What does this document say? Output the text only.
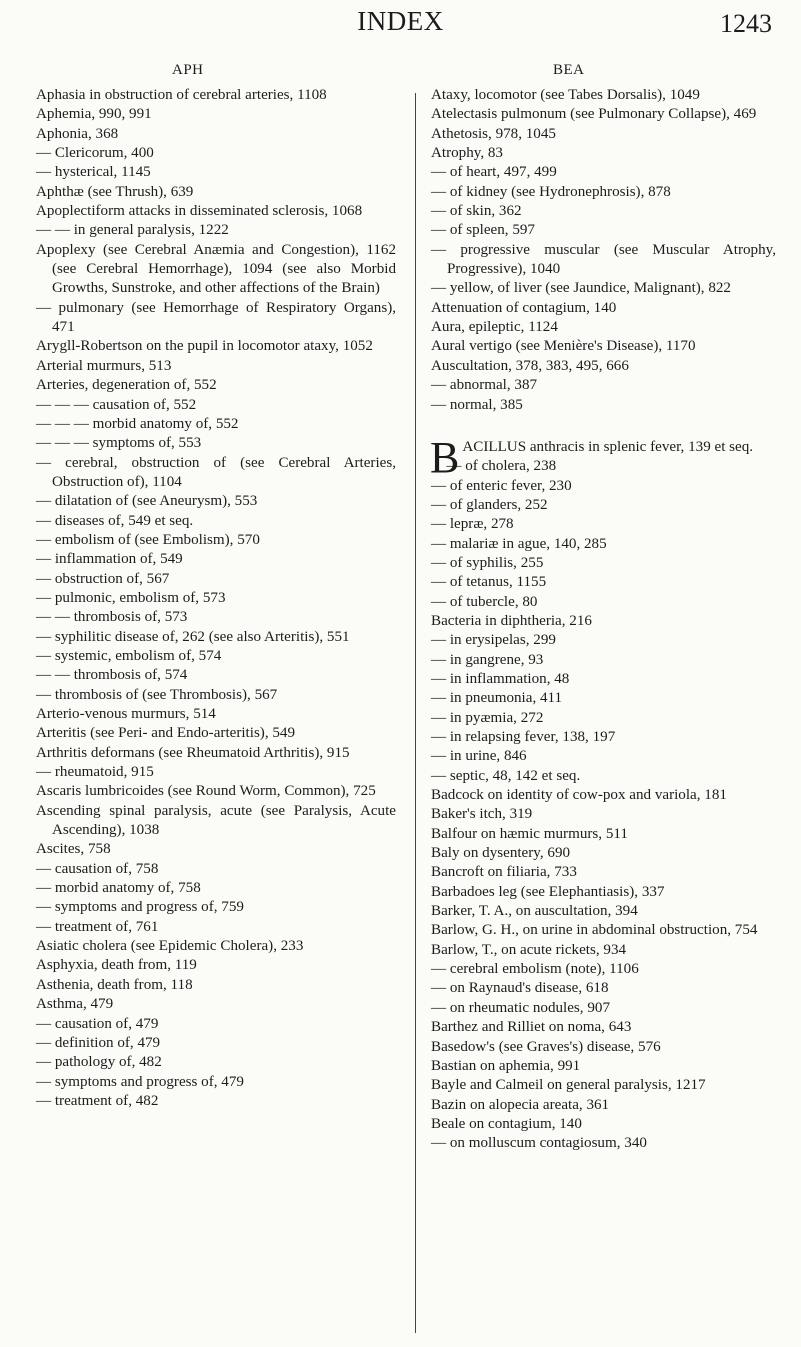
INDEX	1243
APH	BEA
Aphasia in obstruction of cerebral arteries, 1108
Aphemia, 990, 991
Aphonia, 368
— Clericorum, 400
— hysterical, 1145
Aphthæ (see Thrush), 639
Apoplectiform attacks in disseminated sclerosis, 1068
— — in general paralysis, 1222
Apoplexy (see Cerebral Anæmia and Congestion), 1162 (see Cerebral Hemorrhage), 1094 (see also Morbid Growths, Sunstroke, and other affections of the Brain)
— pulmonary (see Hemorrhage of Respiratory Organs), 471
Arygll-Robertson on the pupil in locomotor ataxy, 1052
Arterial murmurs, 513
Arteries, degeneration of, 552
— — — causation of, 552
— — — morbid anatomy of, 552
— — — symptoms of, 553
— cerebral, obstruction of (see Cerebral Arteries, Obstruction of), 1104
— dilatation of (see Aneurysm), 553
— diseases of, 549 et seq.
— embolism of (see Embolism), 570
— inflammation of, 549
— obstruction of, 567
— pulmonic, embolism of, 573
— — thrombosis of, 573
— syphilitic disease of, 262 (see also Arteritis), 551
— systemic, embolism of, 574
— — thrombosis of, 574
— thrombosis of (see Thrombosis), 567
Arterio-venous murmurs, 514
Arteritis (see Peri- and Endo-arteritis), 549
Arthritis deformans (see Rheumatoid Arthritis), 915
— rheumatoid, 915
Ascaris lumbricoides (see Round Worm, Common), 725
Ascending spinal paralysis, acute (see Paralysis, Acute Ascending), 1038
Ascites, 758
— causation of, 758
— morbid anatomy of, 758
— symptoms and progress of, 759
— treatment of, 761
Asiatic cholera (see Epidemic Cholera), 233
Asphyxia, death from, 119
Asthenia, death from, 118
Asthma, 479
— causation of, 479
— definition of, 479
— pathology of, 482
— symptoms and progress of, 479
— treatment of, 482
Ataxy, locomotor (see Tabes Dorsalis), 1049
Atelectasis pulmonum (see Pulmonary Collapse), 469
Athetosis, 978, 1045
Atrophy, 83
— of heart, 497, 499
— of kidney (see Hydronephrosis), 878
— of skin, 362
— of spleen, 597
— progressive muscular (see Muscular Atrophy, Progressive), 1040
— yellow, of liver (see Jaundice, Malignant), 822
Attenuation of contagium, 140
Aura, epileptic, 1124
Aural vertigo (see Menière's Disease), 1170
Auscultation, 378, 383, 495, 666
— abnormal, 387
— normal, 385
BACILLUS anthracis in splenic fever, 139 et seq.
— of cholera, 238
— of enteric fever, 230
— of glanders, 252
— lepræ, 278
— malariæ in ague, 140, 285
— of syphilis, 255
— of tetanus, 1155
— of tubercle, 80
Bacteria in diphtheria, 216
— in erysipelas, 299
— in gangrene, 93
— in inflammation, 48
— in pneumonia, 411
— in pyæmia, 272
— in relapsing fever, 138, 197
— in urine, 846
— septic, 48, 142 et seq.
Badcock on identity of cow-pox and variola, 181
Baker's itch, 319
Balfour on hæmic murmurs, 511
Baly on dysentery, 690
Bancroft on filiaria, 733
Barbadoes leg (see Elephantiasis), 337
Barker, T. A., on auscultation, 394
Barlow, G. H., on urine in abdominal obstruction, 754
Barlow, T., on acute rickets, 934
— cerebral embolism (note), 1106
— on Raynaud's disease, 618
— on rheumatic nodules, 907
Barthez and Rilliet on noma, 643
Basedow's (see Graves's) disease, 576
Bastian on aphemia, 991
Bayle and Calmeil on general paralysis, 1217
Bazin on alopecia areata, 361
Beale on contagium, 140
— on molluscum contagiosum, 340
